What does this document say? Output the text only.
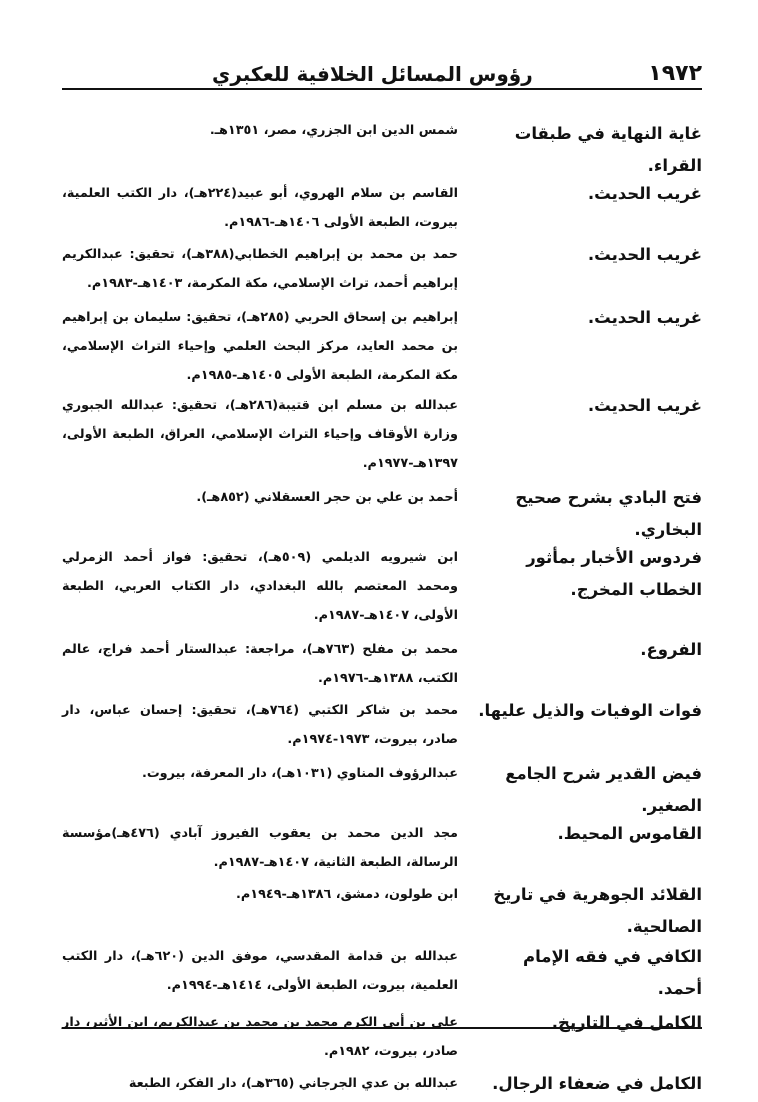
١٩٧٢
رؤوس المسائل الخلافية للعكبري
غاية النهاية في طبقات القراء.
شمس الدين ابن الجزري، مصر، ١٣٥١هـ.
غريب الحديث.
القاسم بن سلام الهروي، أبو عبيد(٢٢٤هـ)، دار الكتب العلمية، بيروت، الطبعة الأولى ١٤٠٦هـ-١٩٨٦م.
غريب الحديث.
حمد بن محمد بن إبراهيم الخطابي(٣٨٨هـ)، تحقيق: عبدالكريم إبراهيم أحمد، تراث الإسلامي، مكة المكرمة، ١٤٠٣هـ-١٩٨٣م.
غريب الحديث.
إبراهيم بن إسحاق الحربي (٢٨٥هـ)، تحقيق: سليمان بن إبراهيم بن محمد العايد، مركز البحث العلمي وإحياء التراث الإسلامي، مكة المكرمة، الطبعة الأولى ١٤٠٥هـ-١٩٨٥م.
غريب الحديث.
عبدالله بن مسلم ابن قتيبة(٢٨٦هـ)، تحقيق: عبدالله الجبوري وزارة الأوقاف وإحياء التراث الإسلامي، العراق، الطبعة الأولى، ١٣٩٧هـ-١٩٧٧م.
فتح البادي بشرح صحيح البخاري.
أحمد بن علي بن حجر العسقلاني (٨٥٢هـ).
فردوس الأخبار بمأثور الخطاب المخرج.
ابن شيرويه الديلمي (٥٠٩هـ)، تحقيق: فواز أحمد الزمرلي ومحمد المعتصم بالله البغدادي، دار الكتاب العربي، الطبعة الأولى، ١٤٠٧هـ-١٩٨٧م.
الفروع.
محمد بن مفلح (٧٦٣هـ)، مراجعة: عبدالستار أحمد فراج، عالم الكتب، ١٣٨٨هـ-١٩٧٦م.
فوات الوفيات والذيل عليها.
محمد بن شاكر الكتبي (٧٦٤هـ)، تحقيق: إحسان عباس، دار صادر، بيروت، ١٩٧٣-١٩٧٤م.
فيض القدير شرح الجامع الصغير.
عبدالرؤوف المناوي (١٠٣١هـ)، دار المعرفة، بيروت.
القاموس المحيط.
مجد الدين محمد بن يعقوب الفيروز آبادي (٤٧٦هـ)مؤسسة الرسالة، الطبعة الثانية، ١٤٠٧هـ-١٩٨٧م.
القلائد الجوهرية في تاريخ الصالحية.
ابن طولون، دمشق، ١٣٨٦هـ-١٩٤٩م.
الكافي في فقه الإمام أحمد.
عبدالله بن قدامة المقدسي، موفق الدين (٦٢٠هـ)، دار الكتب العلمية، بيروت، الطبعة الأولى، ١٤١٤هـ-١٩٩٤م.
الكامل في التاريخ.
علي بن أبي الكرم محمد بن محمد بن عبدالكريم، ابن الأثير، دار صادر، بيروت، ١٩٨٢م.
الكامل في ضعفاء الرجال.
عبدالله بن عدي الجرجاني (٣٦٥هـ)، دار الفكر، الطبعة
